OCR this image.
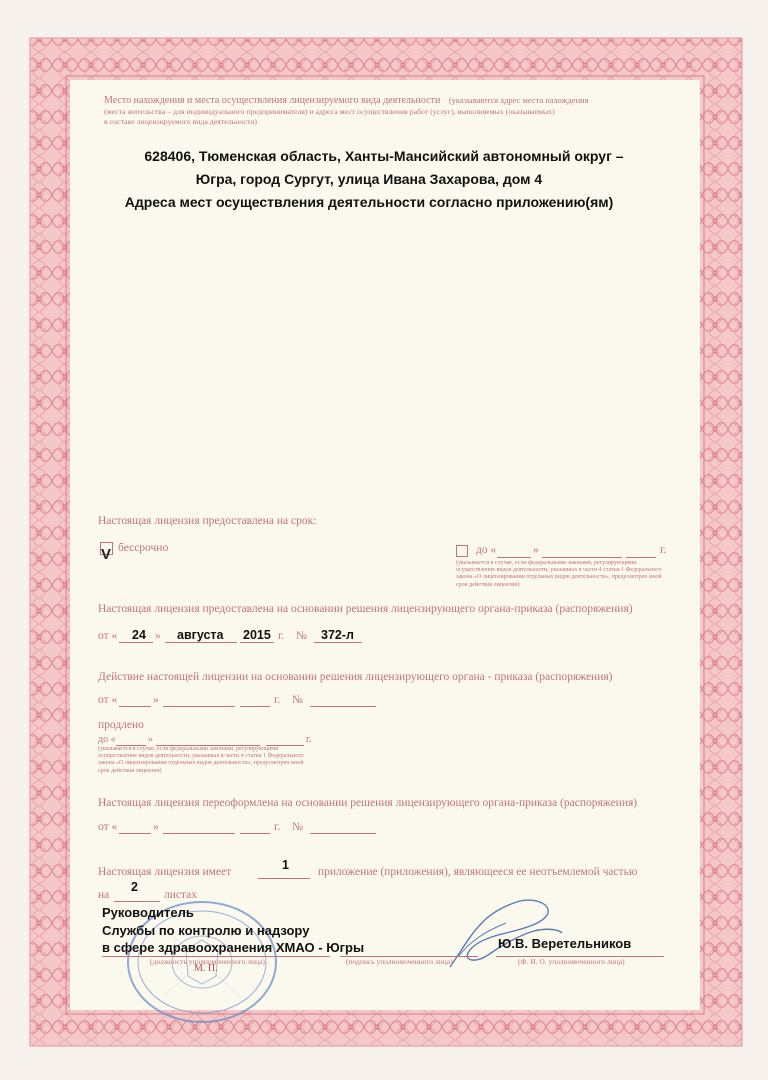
Место нахождения и места осуществления лицензируемого вида деятельности (указываются адрес места нахождения
(места жительства – для индивидуального предпринимателя) и адреса мест осуществления работ (услуг), выполняемых (оказываемых)
в составе лицензируемого вида деятельности)
628406, Тюменская область, Ханты-Мансийский автономный округ –
Югра, город Сургут, улица Ивана Захарова, дом 4
Адреса мест осуществления деятельности согласно приложению(ям)
Настоящая лицензия предоставлена на срок:
V бессрочно	до «	»	г.
(указывается в случае, если федеральными законами, регулирующими осуществление видов деятельности, указанных в части 4 статьи 1 Федерального закона «О лицензировании отдельных видов деятельности», предусмотрен иной срок действия лицензии)
Настоящая лицензия предоставлена на основании решения лицензирующего органа-приказа (распоряжения)
от « 24 » августа 2015 г. № 372-л
Действие настоящей лицензии на основании решения лицензирующего органа - приказа (распоряжения)
от «	»	г. №
продлено
до «	»	г.
(указывается в случае, если федеральными законами, регулирующими осуществление видов деятельности, указанных в части 4 статьи 1 Федерального закона «О лицензировании отдельных видов деятельности», предусмотрен иной срок действия лицензии)
Настоящая лицензия переоформлена на основании решения лицензирующего органа-приказа (распоряжения)
от «	»	г. №
Настоящая лицензия имеет	1	приложение (приложения), являющееся ее неотъемлемой частью
на
2
листах
М. П.
Руководитель
Службы по контролю и надзору
в сфере здравоохранения ХМАО - Югры	Ю.В. Веретельников
(должность уполномоченного лица)	(подпись уполномоченного лица)	(Ф. И. О. уполномоченного лица)
